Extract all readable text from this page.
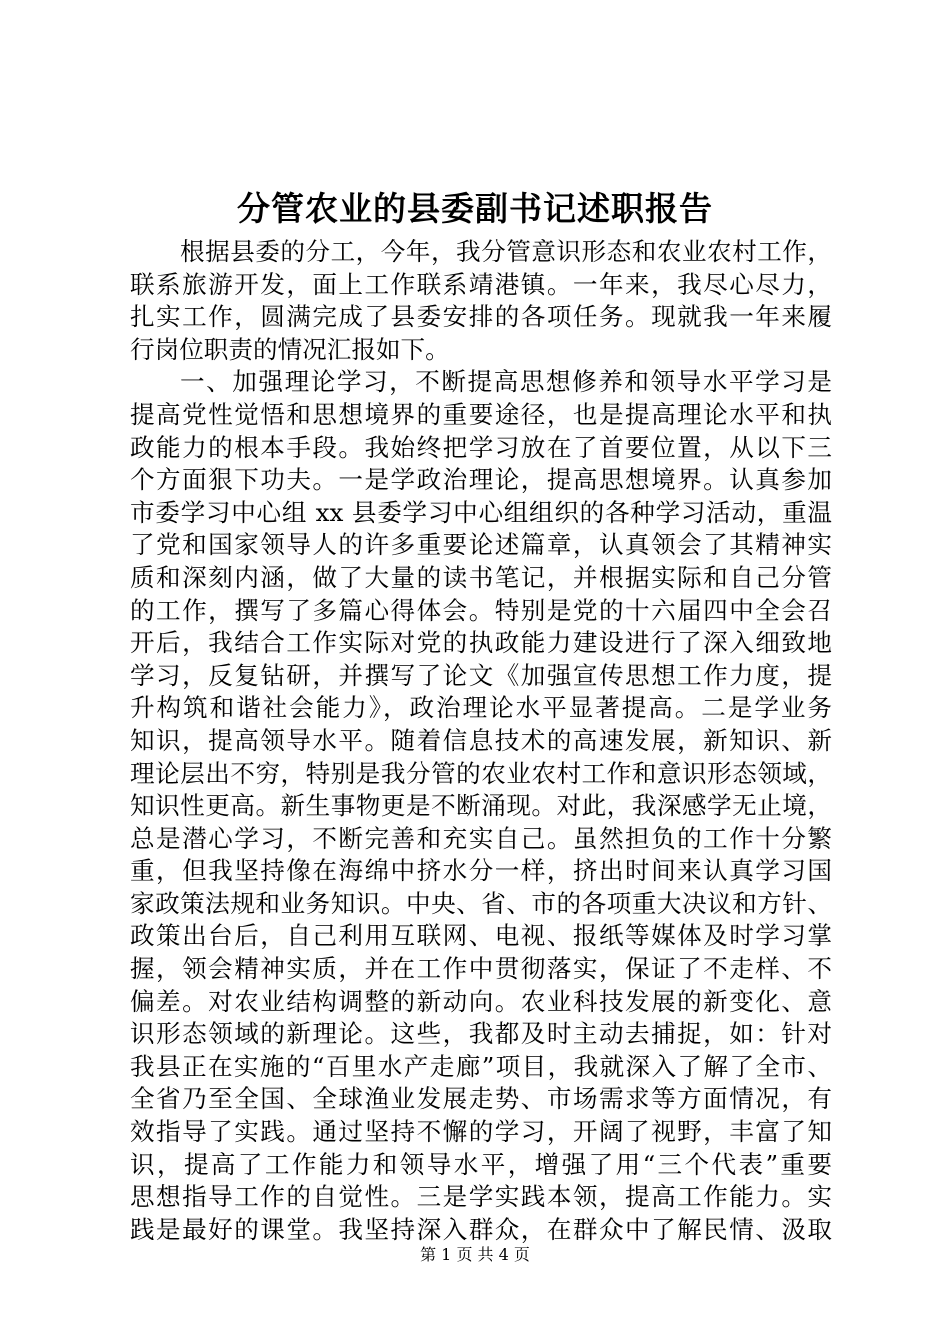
分管农业的县委副书记述职报告
根据县委的分工，今年，我分管意识形态和农业农村工作，
联系旅游开发，面上工作联系靖港镇。一年来，我尽心尽力，
扎实工作，圆满完成了县委安排的各项任务。现就我一年来履
行岗位职责的情况汇报如下。
一、加强理论学习，不断提高思想修养和领导水平学习是
提高党性觉悟和思想境界的重要途径，也是提高理论水平和执
政能力的根本手段。我始终把学习放在了首要位置，从以下三
个方面狠下功夫。一是学政治理论，提高思想境界。认真参加
市委学习中心组 xx 县委学习中心组组织的各种学习活动，重温
了党和国家领导人的许多重要论述篇章，认真领会了其精神实
质和深刻内涵，做了大量的读书笔记，并根据实际和自己分管
的工作，撰写了多篇心得体会。特别是党的十六届四中全会召
开后，我结合工作实际对党的执政能力建设进行了深入细致地
学习，反复钻研，并撰写了论文《加强宣传思想工作力度，提
升构筑和谐社会能力》，政治理论水平显著提高。二是学业务
知识，提高领导水平。随着信息技术的高速发展，新知识、新
理论层出不穷，特别是我分管的农业农村工作和意识形态领域，
知识性更高。新生事物更是不断涌现。对此，我深感学无止境，
总是潜心学习，不断完善和充实自己。虽然担负的工作十分繁
重，但我坚持像在海绵中挤水分一样，挤出时间来认真学习国
家政策法规和业务知识。中央、省、市的各项重大决议和方针、
政策出台后，自己利用互联网、电视、报纸等媒体及时学习掌
握，领会精神实质，并在工作中贯彻落实，保证了不走样、不
偏差。对农业结构调整的新动向。农业科技发展的新变化、意
识形态领域的新理论。这些，我都及时主动去捕捉，如：针对
我县正在实施的“百里水产走廊”项目，我就深入了解了全市、
全省乃至全国、全球渔业发展走势、市场需求等方面情况，有
效指导了实践。通过坚持不懈的学习，开阔了视野，丰富了知
识，提高了工作能力和领导水平，增强了用“三个代表”重要
思想指导工作的自觉性。三是学实践本领，提高工作能力。实
践是最好的课堂。我坚持深入群众，在群众中了解民情、汲取
第 1 页 共 4 页
